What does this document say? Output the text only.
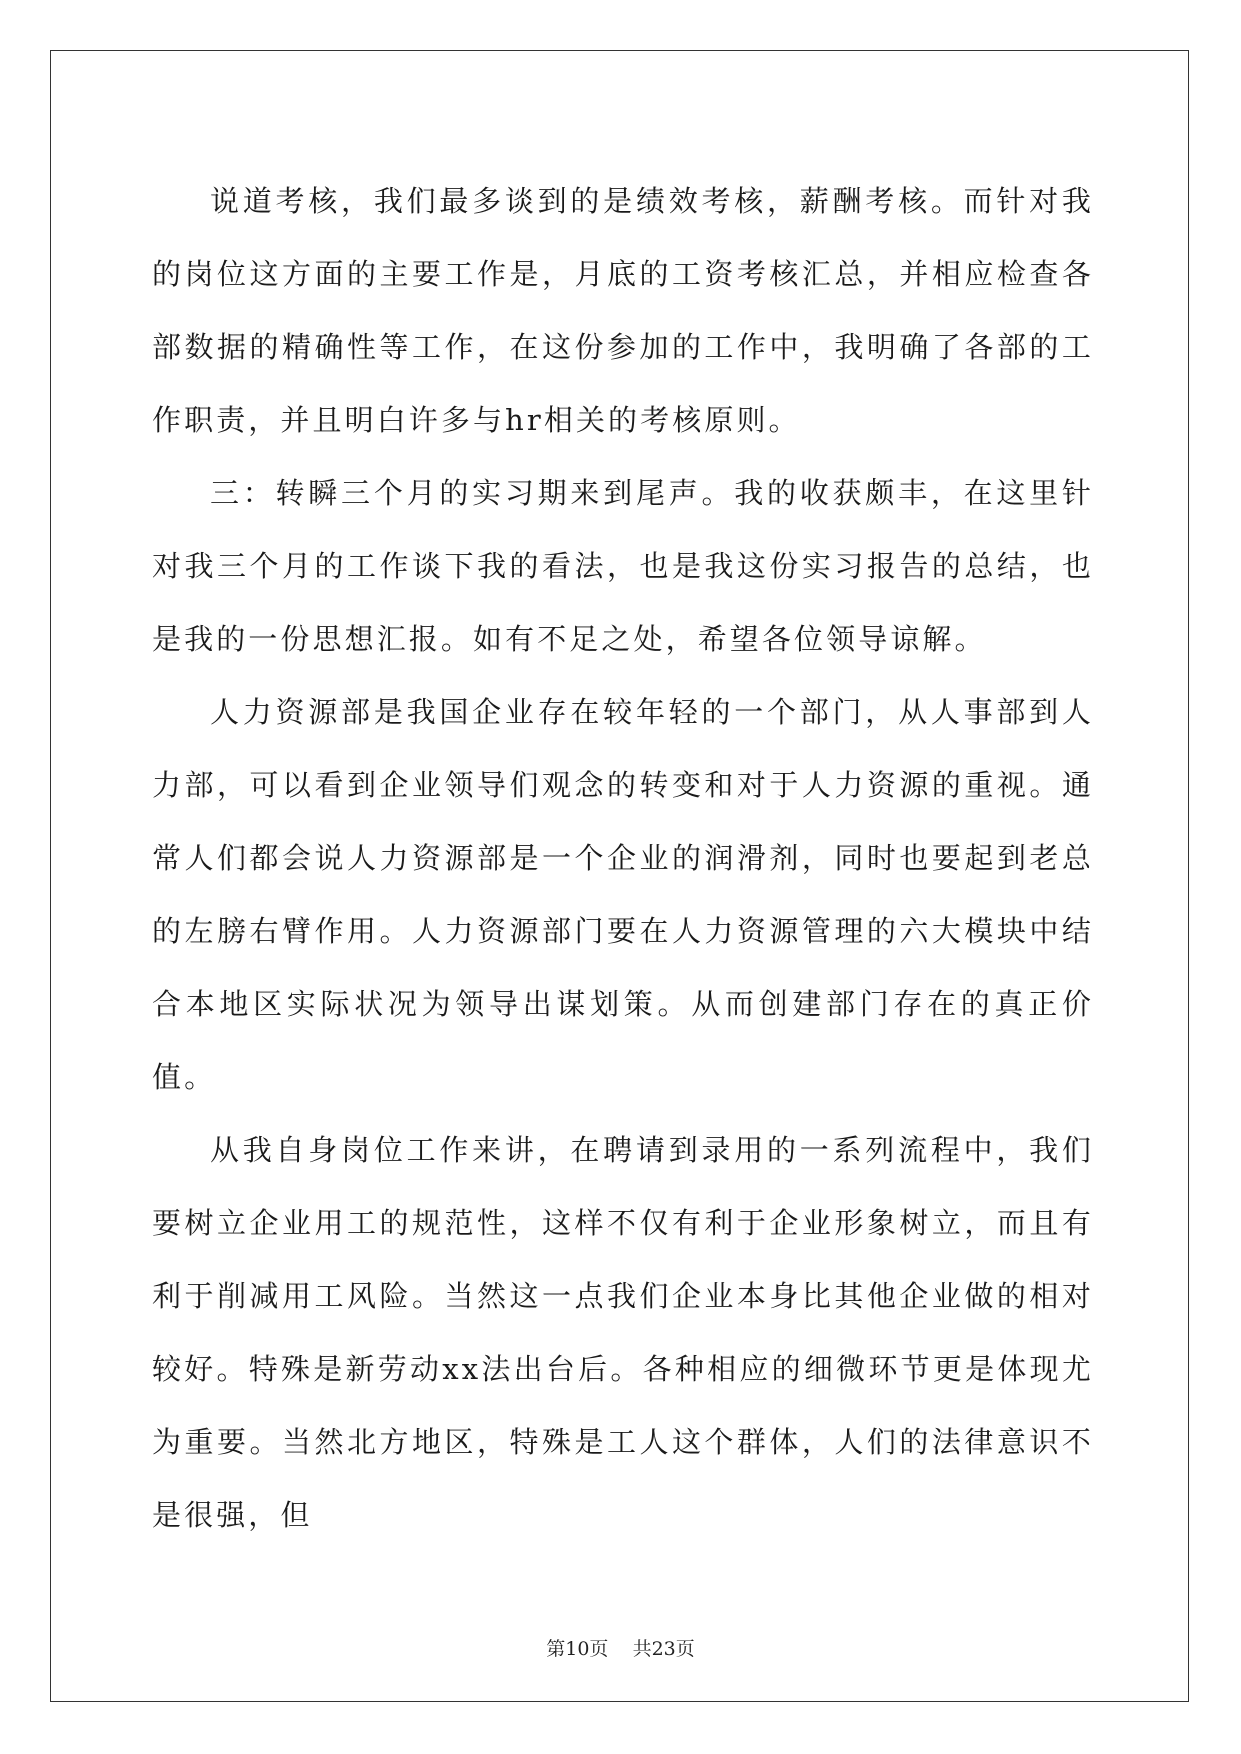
说道考核，我们最多谈到的是绩效考核，薪酬考核。而针对我的岗位这方面的主要工作是，月底的工资考核汇总，并相应检查各部数据的精确性等工作，在这份参加的工作中，我明确了各部的工作职责，并且明白许多与hr相关的考核原则。

三：转瞬三个月的实习期来到尾声。我的收获颇丰，在这里针对我三个月的工作谈下我的看法，也是我这份实习报告的总结，也是我的一份思想汇报。如有不足之处，希望各位领导谅解。

人力资源部是我国企业存在较年轻的一个部门，从人事部到人力部，可以看到企业领导们观念的转变和对于人力资源的重视。通常人们都会说人力资源部是一个企业的润滑剂，同时也要起到老总的左膀右臂作用。人力资源部门要在人力资源管理的六大模块中结合本地区实际状况为领导出谋划策。从而创建部门存在的真正价值。

从我自身岗位工作来讲，在聘请到录用的一系列流程中，我们要树立企业用工的规范性，这样不仅有利于企业形象树立，而且有利于削减用工风险。当然这一点我们企业本身比其他企业做的相对较好。特殊是新劳动xx法出台后。各种相应的细微环节更是体现尤为重要。当然北方地区，特殊是工人这个群体，人们的法律意识不是很强，但

第10页    共23页
